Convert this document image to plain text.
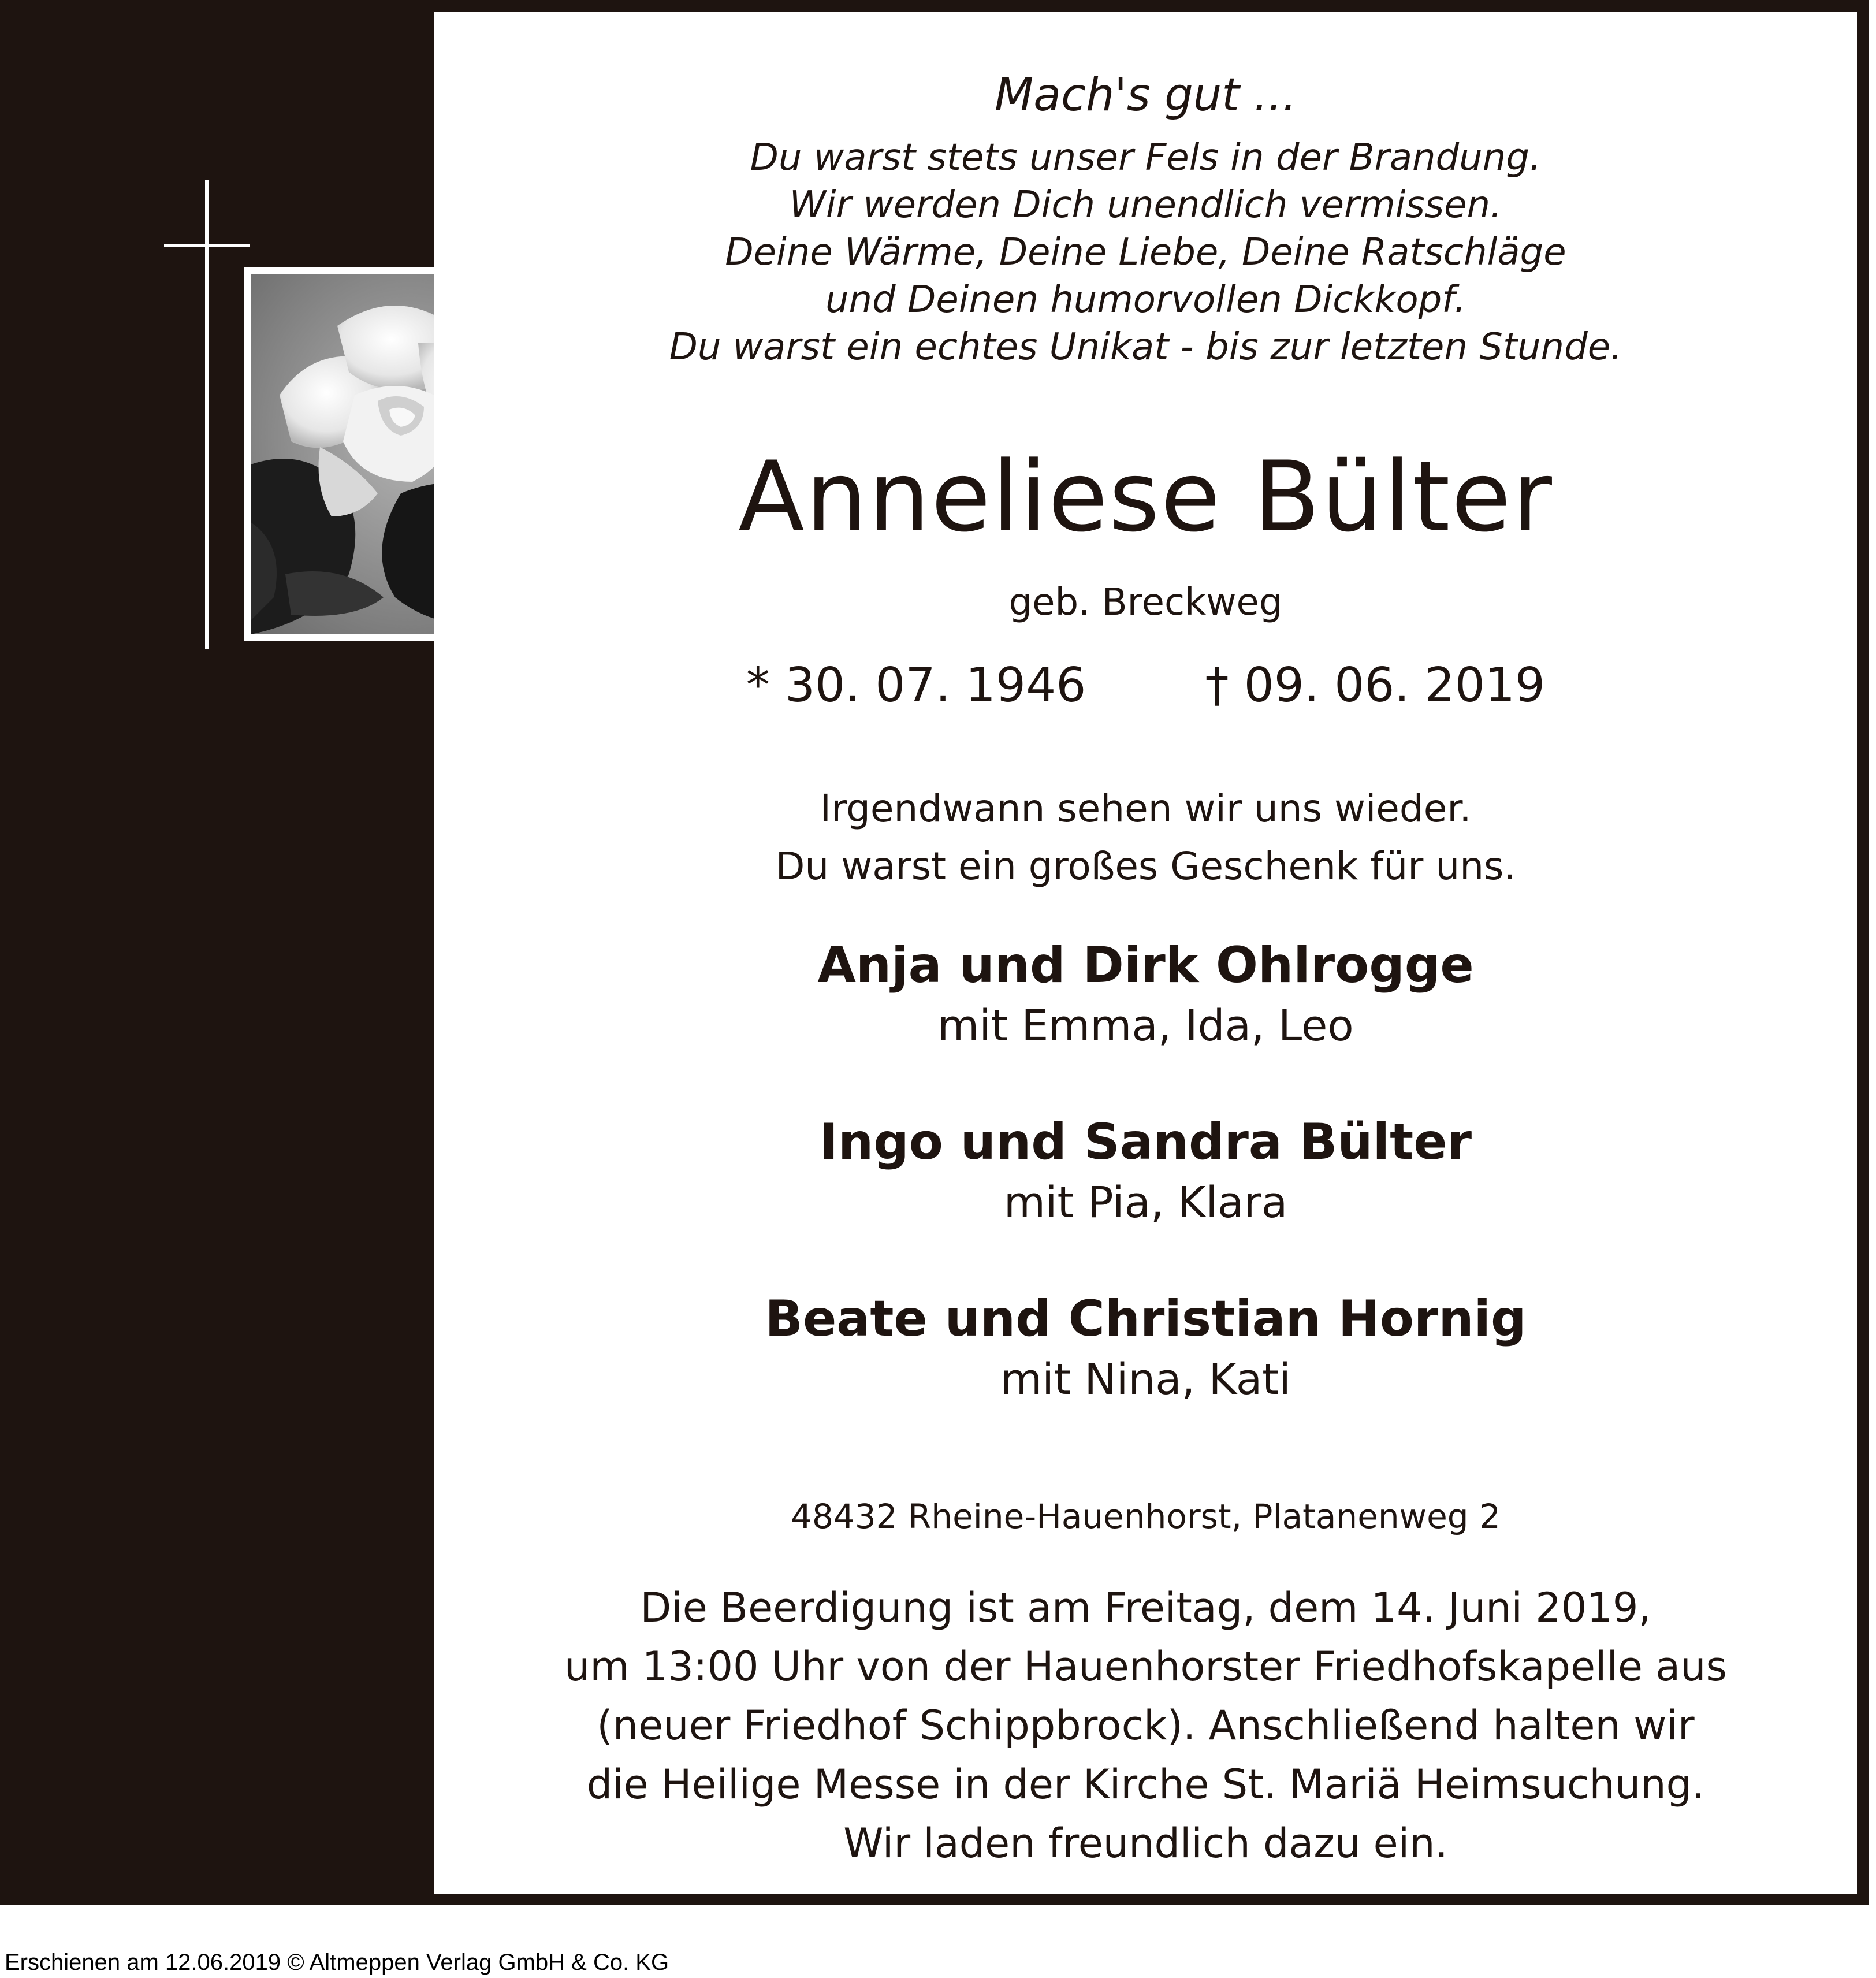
Mach's gut ...
Du warst stets unser Fels in der Brandung.
Wir werden Dich unendlich vermissen.
Deine Wärme, Deine Liebe, Deine Ratschläge
und Deinen humorvollen Dickkopf.
Du warst ein echtes Unikat - bis zur letzten Stunde.
Anneliese Bülter
geb. Breckweg
* 30. 07. 1946	† 09. 06. 2019
Irgendwann sehen wir uns wieder.
Du warst ein großes Geschenk für uns.
Anja und Dirk Ohlrogge
mit Emma, Ida, Leo
Ingo und Sandra Bülter
mit Pia, Klara
Beate und Christian Hornig
mit Nina, Kati
48432 Rheine-Hauenhorst, Platanenweg 2
Die Beerdigung ist am Freitag, dem 14. Juni 2019,
um 13:00 Uhr von der Hauenhorster Friedhofskapelle aus
(neuer Friedhof Schippbrock). Anschließend halten wir
die Heilige Messe in der Kirche St. Mariä Heimsuchung.
Wir laden freundlich dazu ein.
Erschienen am 12.06.2019 © Altmeppen Verlag GmbH & Co. KG
